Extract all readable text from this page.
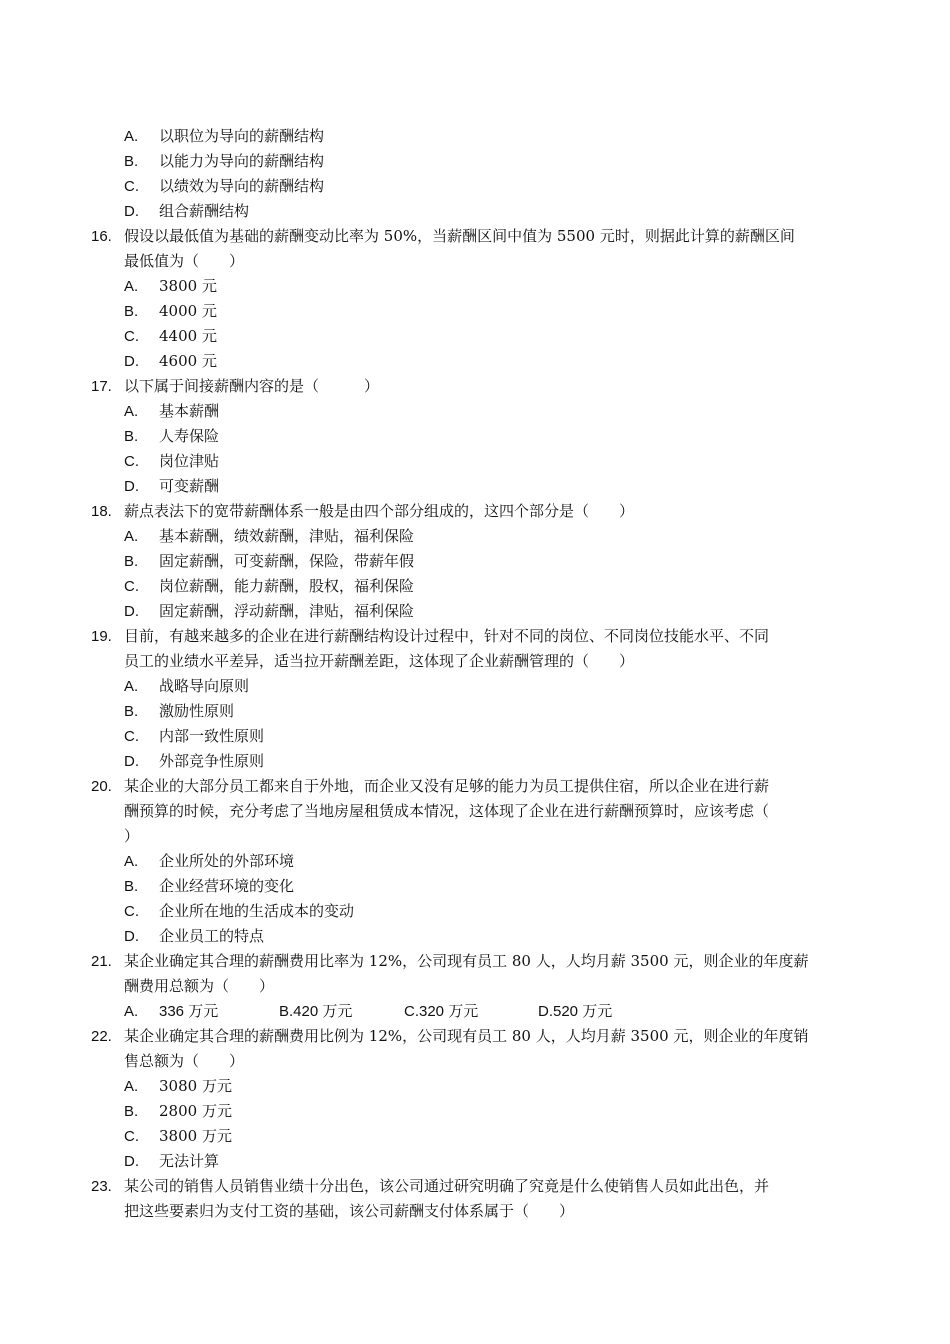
A. 以职位为导向的薪酬结构
B. 以能力为导向的薪酬结构
C. 以绩效为导向的薪酬结构
D. 组合薪酬结构
16. 假设以最低值为基础的薪酬变动比率为 50%，当薪酬区间中值为 5500 元时，则据此计算的薪酬区间
最低值为（　　）
A. 3800 元
B. 4000 元
C. 4400 元
D. 4600 元
17. 以下属于间接薪酬内容的是（　　　）
A. 基本薪酬
B. 人寿保险
C. 岗位津贴
D. 可变薪酬
18. 薪点表法下的宽带薪酬体系一般是由四个部分组成的，这四个部分是（　　）
A. 基本薪酬，绩效薪酬，津贴，福利保险
B. 固定薪酬，可变薪酬，保险，带薪年假
C. 岗位薪酬，能力薪酬，股权，福利保险
D. 固定薪酬，浮动薪酬，津贴，福利保险
19. 目前，有越来越多的企业在进行薪酬结构设计过程中，针对不同的岗位、不同岗位技能水平、不同
员工的业绩水平差异，适当拉开薪酬差距，这体现了企业薪酬管理的（　　）
A. 战略导向原则
B. 激励性原则
C. 内部一致性原则
D. 外部竞争性原则
20. 某企业的大部分员工都来自于外地，而企业又没有足够的能力为员工提供住宿，所以企业在进行薪
酬预算的时候，充分考虑了当地房屋租赁成本情况，这体现了企业在进行薪酬预算时，应该考虑（
）
A. 企业所处的外部环境
B. 企业经营环境的变化
C. 企业所在地的生活成本的变动
D. 企业员工的特点
21. 某企业确定其合理的薪酬费用比率为 12%，公司现有员工 80 人，人均月薪 3500 元，则企业的年度薪
酬费用总额为（　　）
A. 336 万元	B.420 万元	C.320 万元	D.520 万元
22. 某企业确定其合理的薪酬费用比例为 12%，公司现有员工 80 人，人均月薪 3500 元，则企业的年度销
售总额为（　　）
A. 3080 万元
B. 2800 万元
C. 3800 万元
D. 无法计算
23. 某公司的销售人员销售业绩十分出色，该公司通过研究明确了究竟是什么使销售人员如此出色，并
把这些要素归为支付工资的基础，该公司薪酬支付体系属于（　　）
